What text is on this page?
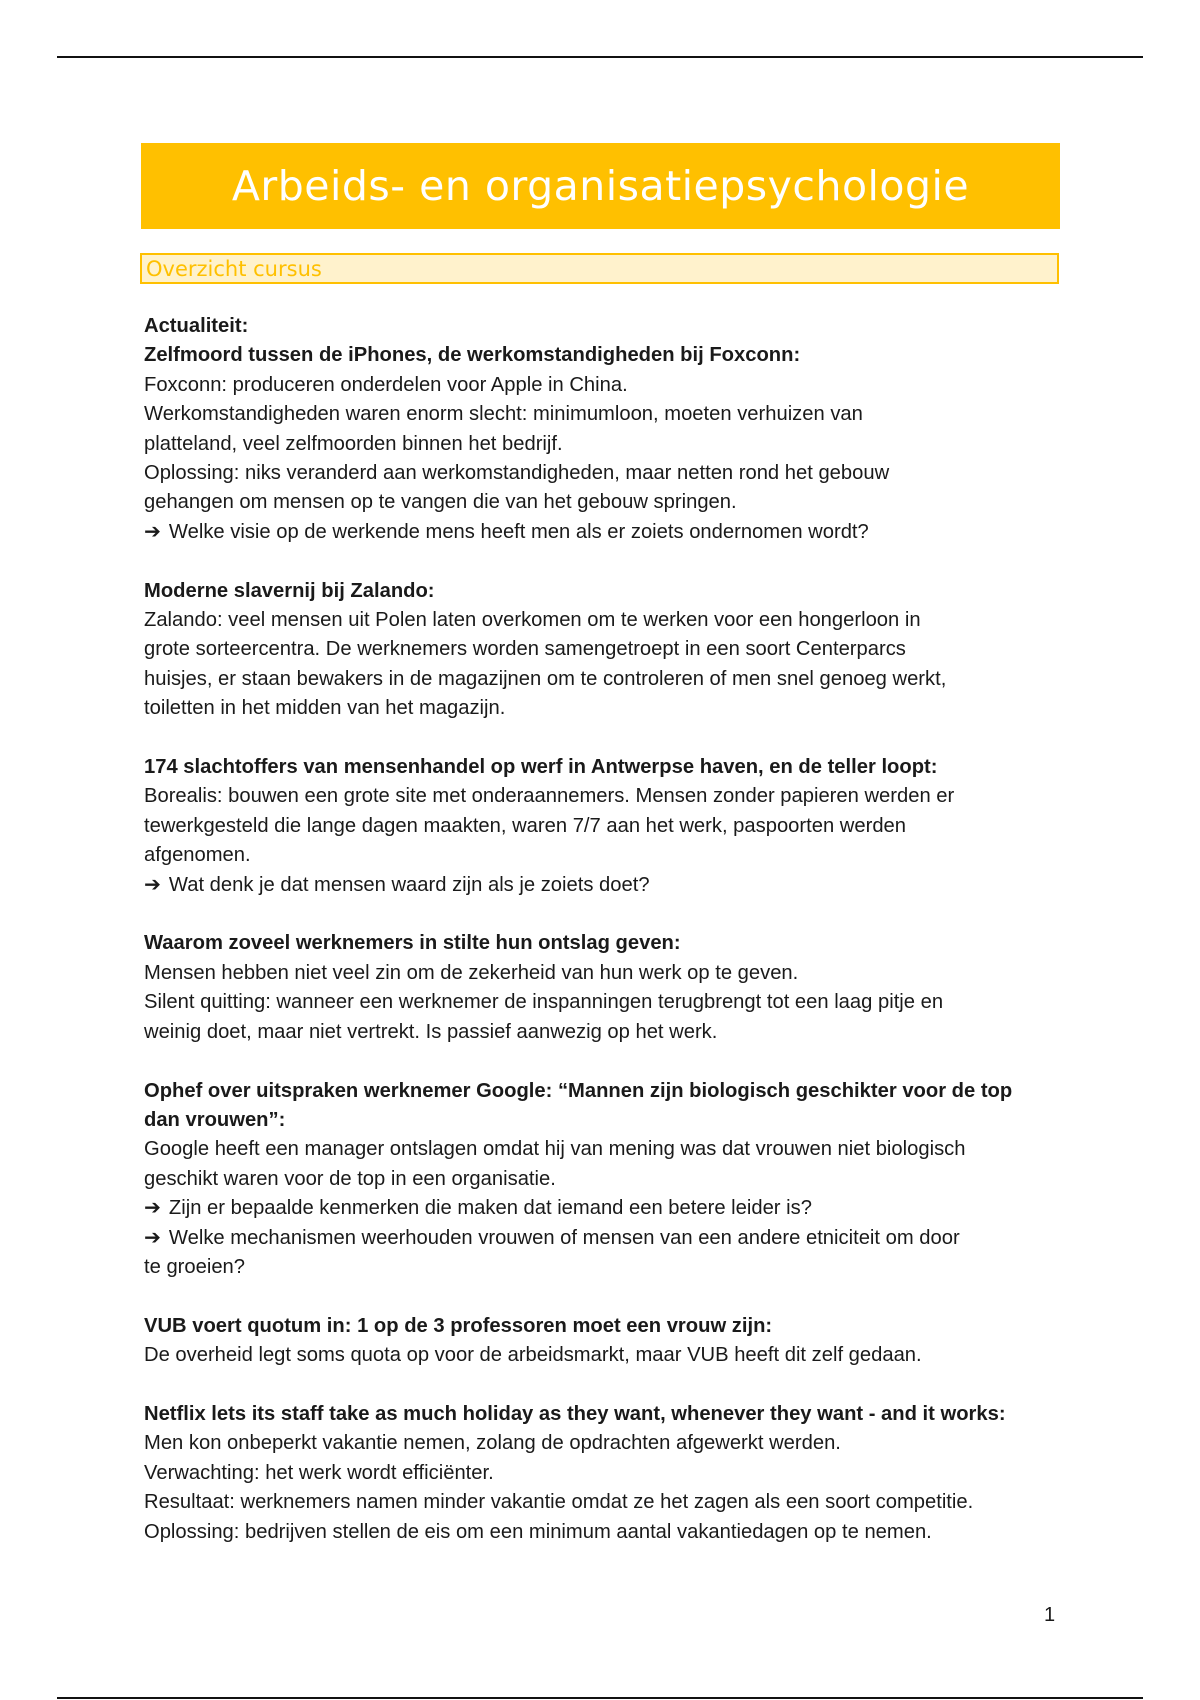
Arbeids- en organisatiepsychologie
Overzicht cursus
Actualiteit:
Zelfmoord tussen de iPhones, de werkomstandigheden bij Foxconn:
Foxconn: produceren onderdelen voor Apple in China.
Werkomstandigheden waren enorm slecht: minimumloon, moeten verhuizen van
platteland, veel zelfmoorden binnen het bedrijf.
Oplossing: niks veranderd aan werkomstandigheden, maar netten rond het gebouw
gehangen om mensen op te vangen die van het gebouw springen.
➔ Welke visie op de werkende mens heeft men als er zoiets ondernomen wordt?
Moderne slavernij bij Zalando:
Zalando: veel mensen uit Polen laten overkomen om te werken voor een hongerloon in
grote sorteercentra. De werknemers worden samengetroept in een soort Centerparcs
huisjes, er staan bewakers in de magazijnen om te controleren of men snel genoeg werkt,
toiletten in het midden van het magazijn.
174 slachtoffers van mensenhandel op werf in Antwerpse haven, en de teller loopt:
Borealis: bouwen een grote site met onderaannemers. Mensen zonder papieren werden er
tewerkgesteld die lange dagen maakten, waren 7/7 aan het werk, paspoorten werden
afgenomen.
➔ Wat denk je dat mensen waard zijn als je zoiets doet?
Waarom zoveel werknemers in stilte hun ontslag geven:
Mensen hebben niet veel zin om de zekerheid van hun werk op te geven.
Silent quitting: wanneer een werknemer de inspanningen terugbrengt tot een laag pitje en
weinig doet, maar niet vertrekt. Is passief aanwezig op het werk.
Ophef over uitspraken werknemer Google: “Mannen zijn biologisch geschikter voor de top
dan vrouwen”:
Google heeft een manager ontslagen omdat hij van mening was dat vrouwen niet biologisch
geschikt waren voor de top in een organisatie.
➔ Zijn er bepaalde kenmerken die maken dat iemand een betere leider is?
➔ Welke mechanismen weerhouden vrouwen of mensen van een andere etniciteit om door
te groeien?
VUB voert quotum in: 1 op de 3 professoren moet een vrouw zijn:
De overheid legt soms quota op voor de arbeidsmarkt, maar VUB heeft dit zelf gedaan.
Netflix lets its staff take as much holiday as they want, whenever they want - and it works:
Men kon onbeperkt vakantie nemen, zolang de opdrachten afgewerkt werden.
Verwachting: het werk wordt efficiënter.
Resultaat: werknemers namen minder vakantie omdat ze het zagen als een soort competitie.
Oplossing: bedrijven stellen de eis om een minimum aantal vakantiedagen op te nemen.
1
